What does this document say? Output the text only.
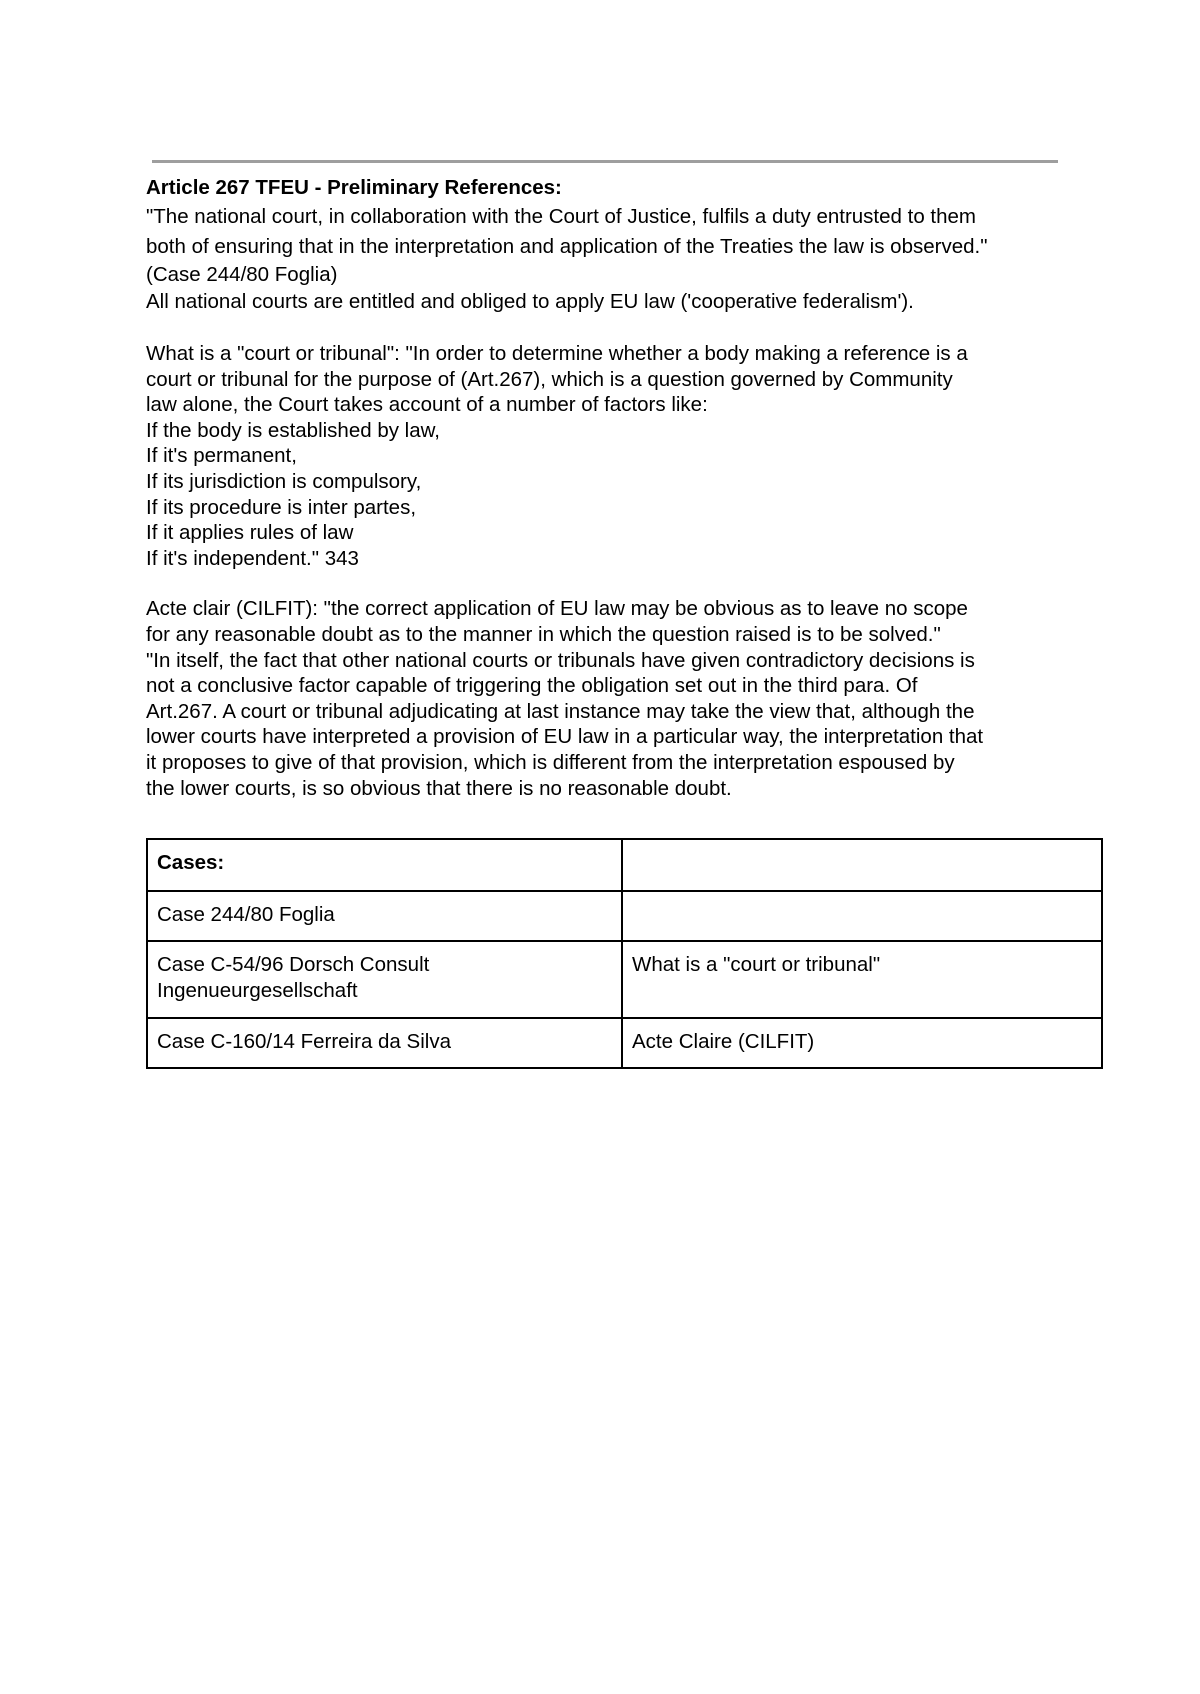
Article 267 TFEU - Preliminary References:

"The national court, in collaboration with the Court of Justice, fulfils a duty entrusted to them
both of ensuring that in the interpretation and application of the Treaties the law is observed."
(Case 244/80 Foglia)
All national courts are entitled and obliged to apply EU law ('cooperative federalism').
What is a "court or tribunal": "In order to determine whether a body making a reference is a
court or tribunal for the purpose of (Art.267), which is a question governed by Community
law alone, the Court takes account of a number of factors like:
If the body is established by law,
If it's permanent,
If its jurisdiction is compulsory,
If its procedure is inter partes,
If it applies rules of law
If it's independent." 343
Acte clair (CILFIT): "the correct application of EU law may be obvious as to leave no scope
for any reasonable doubt as to the manner in which the question raised is to be solved."
"In itself, the fact that other national courts or tribunals have given contradictory decisions is
not a conclusive factor capable of triggering the obligation set out in the third para. Of
Art.267. A court or tribunal adjudicating at last instance may take the view that, although the
lower courts have interpreted a provision of EU law in a particular way, the interpretation that
it proposes to give of that provision, which is different from the interpretation espoused by
the lower courts, is so obvious that there is no reasonable doubt.
Cases:	
Case 244/80 Foglia	
Case C-54/96 Dorsch Consult Ingenueurgesellschaft	What is a "court or tribunal"
Case C-160/14 Ferreira da Silva	Acte Claire (CILFIT)
